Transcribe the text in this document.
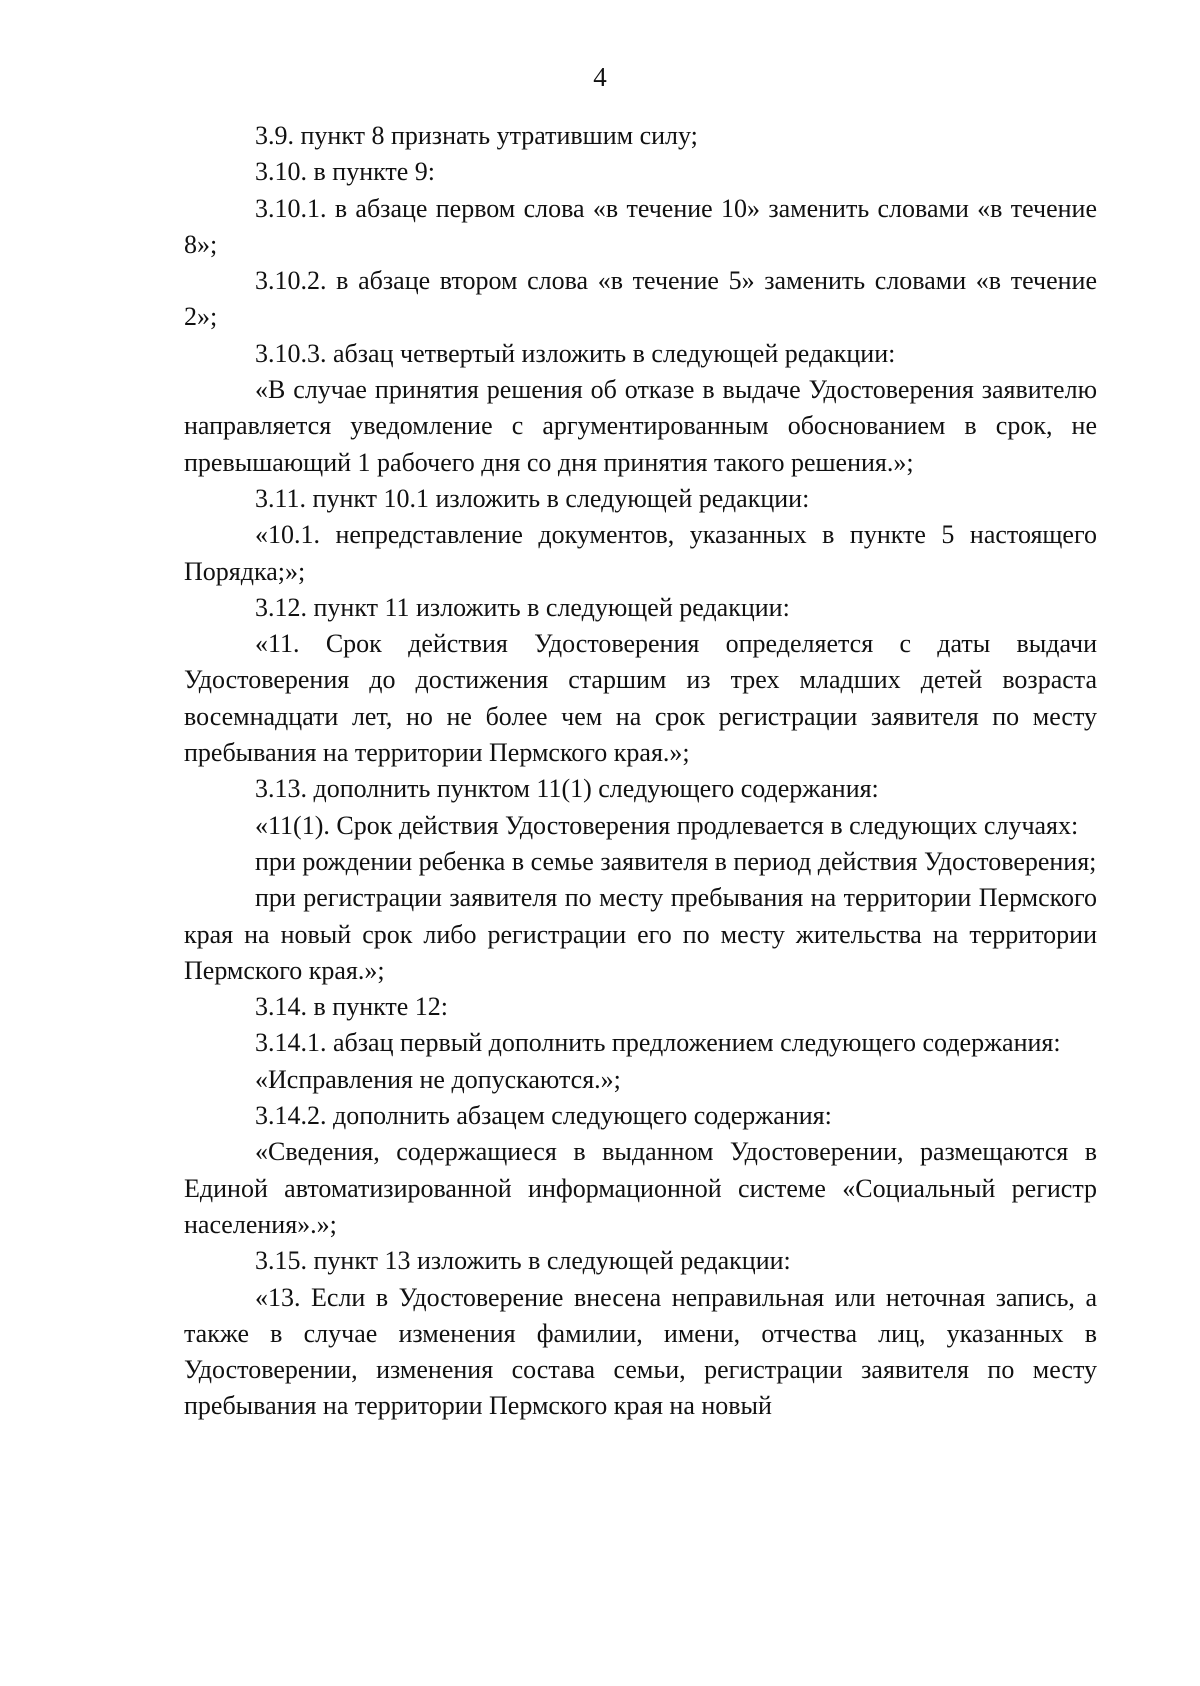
4

3.9. пункт 8 признать утратившим силу;

3.10. в пункте 9:

3.10.1. в абзаце первом слова «в течение 10» заменить словами «в течение 8»;

3.10.2. в абзаце втором слова «в течение 5» заменить словами «в течение 2»;

3.10.3. абзац четвертый изложить в следующей редакции:

«В случае принятия решения об отказе в выдаче Удостоверения заявителю направляется уведомление с аргументированным обоснованием в срок, не превышающий 1 рабочего дня со дня принятия такого решения.»;

3.11. пункт 10.1 изложить в следующей редакции:

«10.1. непредставление документов, указанных в пункте 5 настоящего Порядка;»;

3.12. пункт 11 изложить в следующей редакции:

«11. Срок действия Удостоверения определяется с даты выдачи Удостоверения до достижения старшим из трех младших детей возраста восемнадцати лет, но не более чем на срок регистрации заявителя по месту пребывания на территории Пермского края.»;

3.13. дополнить пунктом 11(1) следующего содержания:

«11(1). Срок действия Удостоверения продлевается в следующих случаях:

при рождении ребенка в семье заявителя в период действия Удостоверения;

при регистрации заявителя по месту пребывания на территории Пермского края на новый срок либо регистрации его по месту жительства на территории Пермского края.»;

3.14. в пункте 12:

3.14.1. абзац первый дополнить предложением следующего содержания:

«Исправления не допускаются.»;

3.14.2. дополнить абзацем следующего содержания:

«Сведения, содержащиеся в выданном Удостоверении, размещаются в Единой автоматизированной информационной системе «Социальный регистр населения».»;

3.15. пункт 13 изложить в следующей редакции:

«13. Если в Удостоверение внесена неправильная или неточная запись, а также в случае изменения фамилии, имени, отчества лиц, указанных в Удостоверении, изменения состава семьи, регистрации заявителя по месту пребывания на территории Пермского края на новый
